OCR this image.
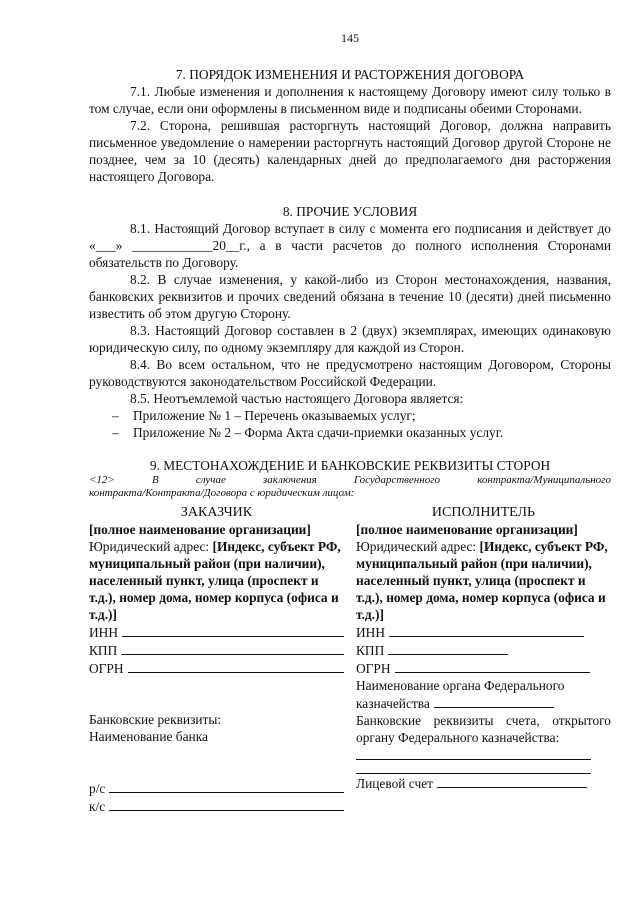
145

7. ПОРЯДОК ИЗМЕНЕНИЯ И РАСТОРЖЕНИЯ ДОГОВОРА

7.1. Любые изменения и дополнения к настоящему Договору имеют силу только в том случае, если они оформлены в письменном виде и подписаны обеими Сторонами.

7.2. Сторона, решившая расторгнуть настоящий Договор, должна направить письменное уведомление о намерении расторгнуть настоящий Договор другой Стороне не позднее, чем за 10 (десять) календарных дней до предполагаемого дня расторжения настоящего Договора.

8. ПРОЧИЕ УСЛОВИЯ

8.1. Настоящий Договор вступает в силу с момента его подписания и действует до «___» ____________20__г., а в части расчетов до полного исполнения Сторонами обязательств по Договору.

8.2. В случае изменения, у какой-либо из Сторон местонахождения, названия, банковских реквизитов и прочих сведений обязана в течение 10 (десяти) дней письменно известить об этом другую Сторону.

8.3. Настоящий Договор составлен в 2 (двух) экземплярах, имеющих одинаковую юридическую силу, по одному экземпляру для каждой из Сторон.

8.4. Во всем остальном, что не предусмотрено настоящим Договором, Стороны руководствуются законодательством Российской Федерации.

8.5. Неотъемлемой частью настоящего Договора является:

– Приложение № 1 – Перечень оказываемых услуг;
– Приложение № 2 – Форма Акта сдачи-приемки оказанных услуг.

9. МЕСТОНАХОЖДЕНИЕ И БАНКОВСКИЕ РЕКВИЗИТЫ СТОРОН

<12>	В	случае	заключения	Государственного	контракта/Муниципального
контракта/Контракта/Договора с юридическим лицом:
ЗАКАЗЧИК
[полное наименование организации]
Юридический адрес: [Индекс, субъект РФ, муниципальный район (при наличии), населенный пункт, улица (проспект и т.д.), номер дома, номер корпуса (офиса и т.д.)]
ИНН
КПП
ОГРН
Банковские реквизиты:
Наименование банка
р/с
к/с
ИСПОЛНИТЕЛЬ
[полное наименование организации]
Юридический адрес: [Индекс, субъект РФ, муниципальный район (при наличии), населенный пункт, улица (проспект и т.д.), номер дома, номер корпуса (офиса и т.д.)]
ИНН
КПП
ОГРН
Наименование органа Федерального
казначейства

Банковские реквизиты счета, открытого органу Федерального казначейства:

Лицевой счет
